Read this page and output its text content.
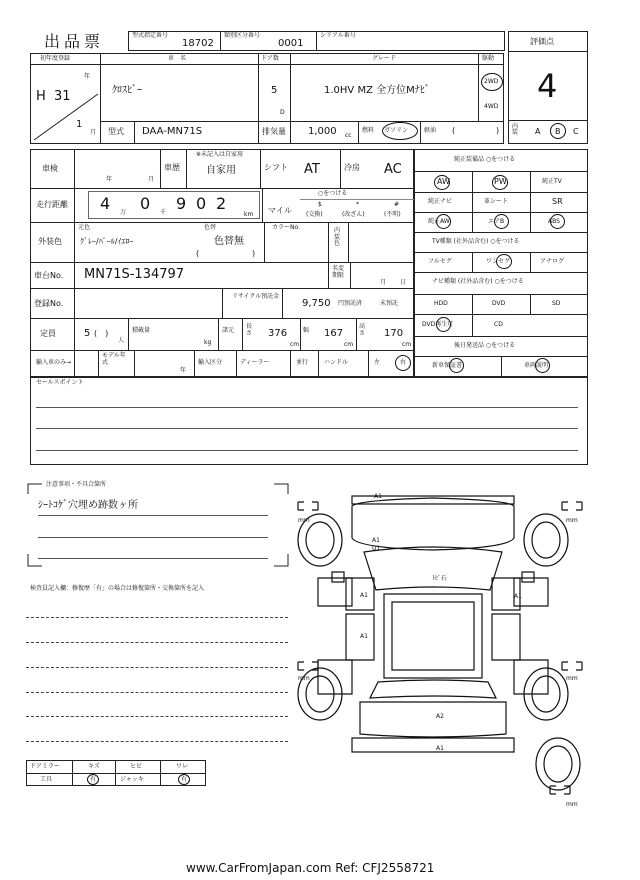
出品票	型式指定番号
18702
類別区分番号
0001
シリアル番号
評価点
4
内装	A B C
初年度登録
H 31
年
1
月
車　名
ｸﾛｽﾋﾞｰ
ドア数
5
D
グレード
1.0HV MZ 全方位Mﾅﾋﾞ
駆動
2WD
4WD
型式 DAA-MN71S	排気量 1,000 cc
燃料 ガソリン	軽油 (	)
車検
年	月
車歴
※未記入は自家用
自家用	シフト AT	冷房 AC
走行距離 4 万 0 千 9 0 2
km
○をつける
マイル
$
(交換)
*
(改ざん)
#
(不明)
外装色
元色
ｸﾞﾚｰ/ﾊﾟｰﾙ/ｲｴﾛｰ
色替
色替無
(	)
カラーNo.	内装色
車台No. MN71S-134797	名変期限
月 日
登録No.
リサイクル預託金
9,750 円預託済	未預託
定員	5 (　)
人
積載量
kg
諸元
長さ 376
cm
幅 167
cm
高さ 170
cm
輸入車のみ→
モデル年式
年
輸入区分	ディーラー	並行	ハンドル	左	右
純正装備品 ○をつける
AW	PW	純正TV
純正ナビ	革シート	SR
純正AW	エアB	ABS
TV種類 (社外品含む) ○をつける
フルセグ	ワンセグ	アナログ
ナビ種類 (社外品含む) ○をつける
HDD	DVD	SD
DVD再生可	CD
後日発送品 ○をつける
新車保証書	車両説明
セールスポイント
注意事項・不具合箇所
ｼｰﾄｺｹﾞ穴埋め跡数ヶ所
検査員記入欄：修復歴「有」の場合は修復箇所・交換箇所を記入
ドアミラー	キズ	ヒビ	ワレ
工具	有	ジャッキ	有
A1
A1
U1
ﾄﾋﾞ石
A1
A1
A1
A2
A1
mm	mm
mm	mm
mm
www.CarFromJapan.com Ref: CFJ2558721
